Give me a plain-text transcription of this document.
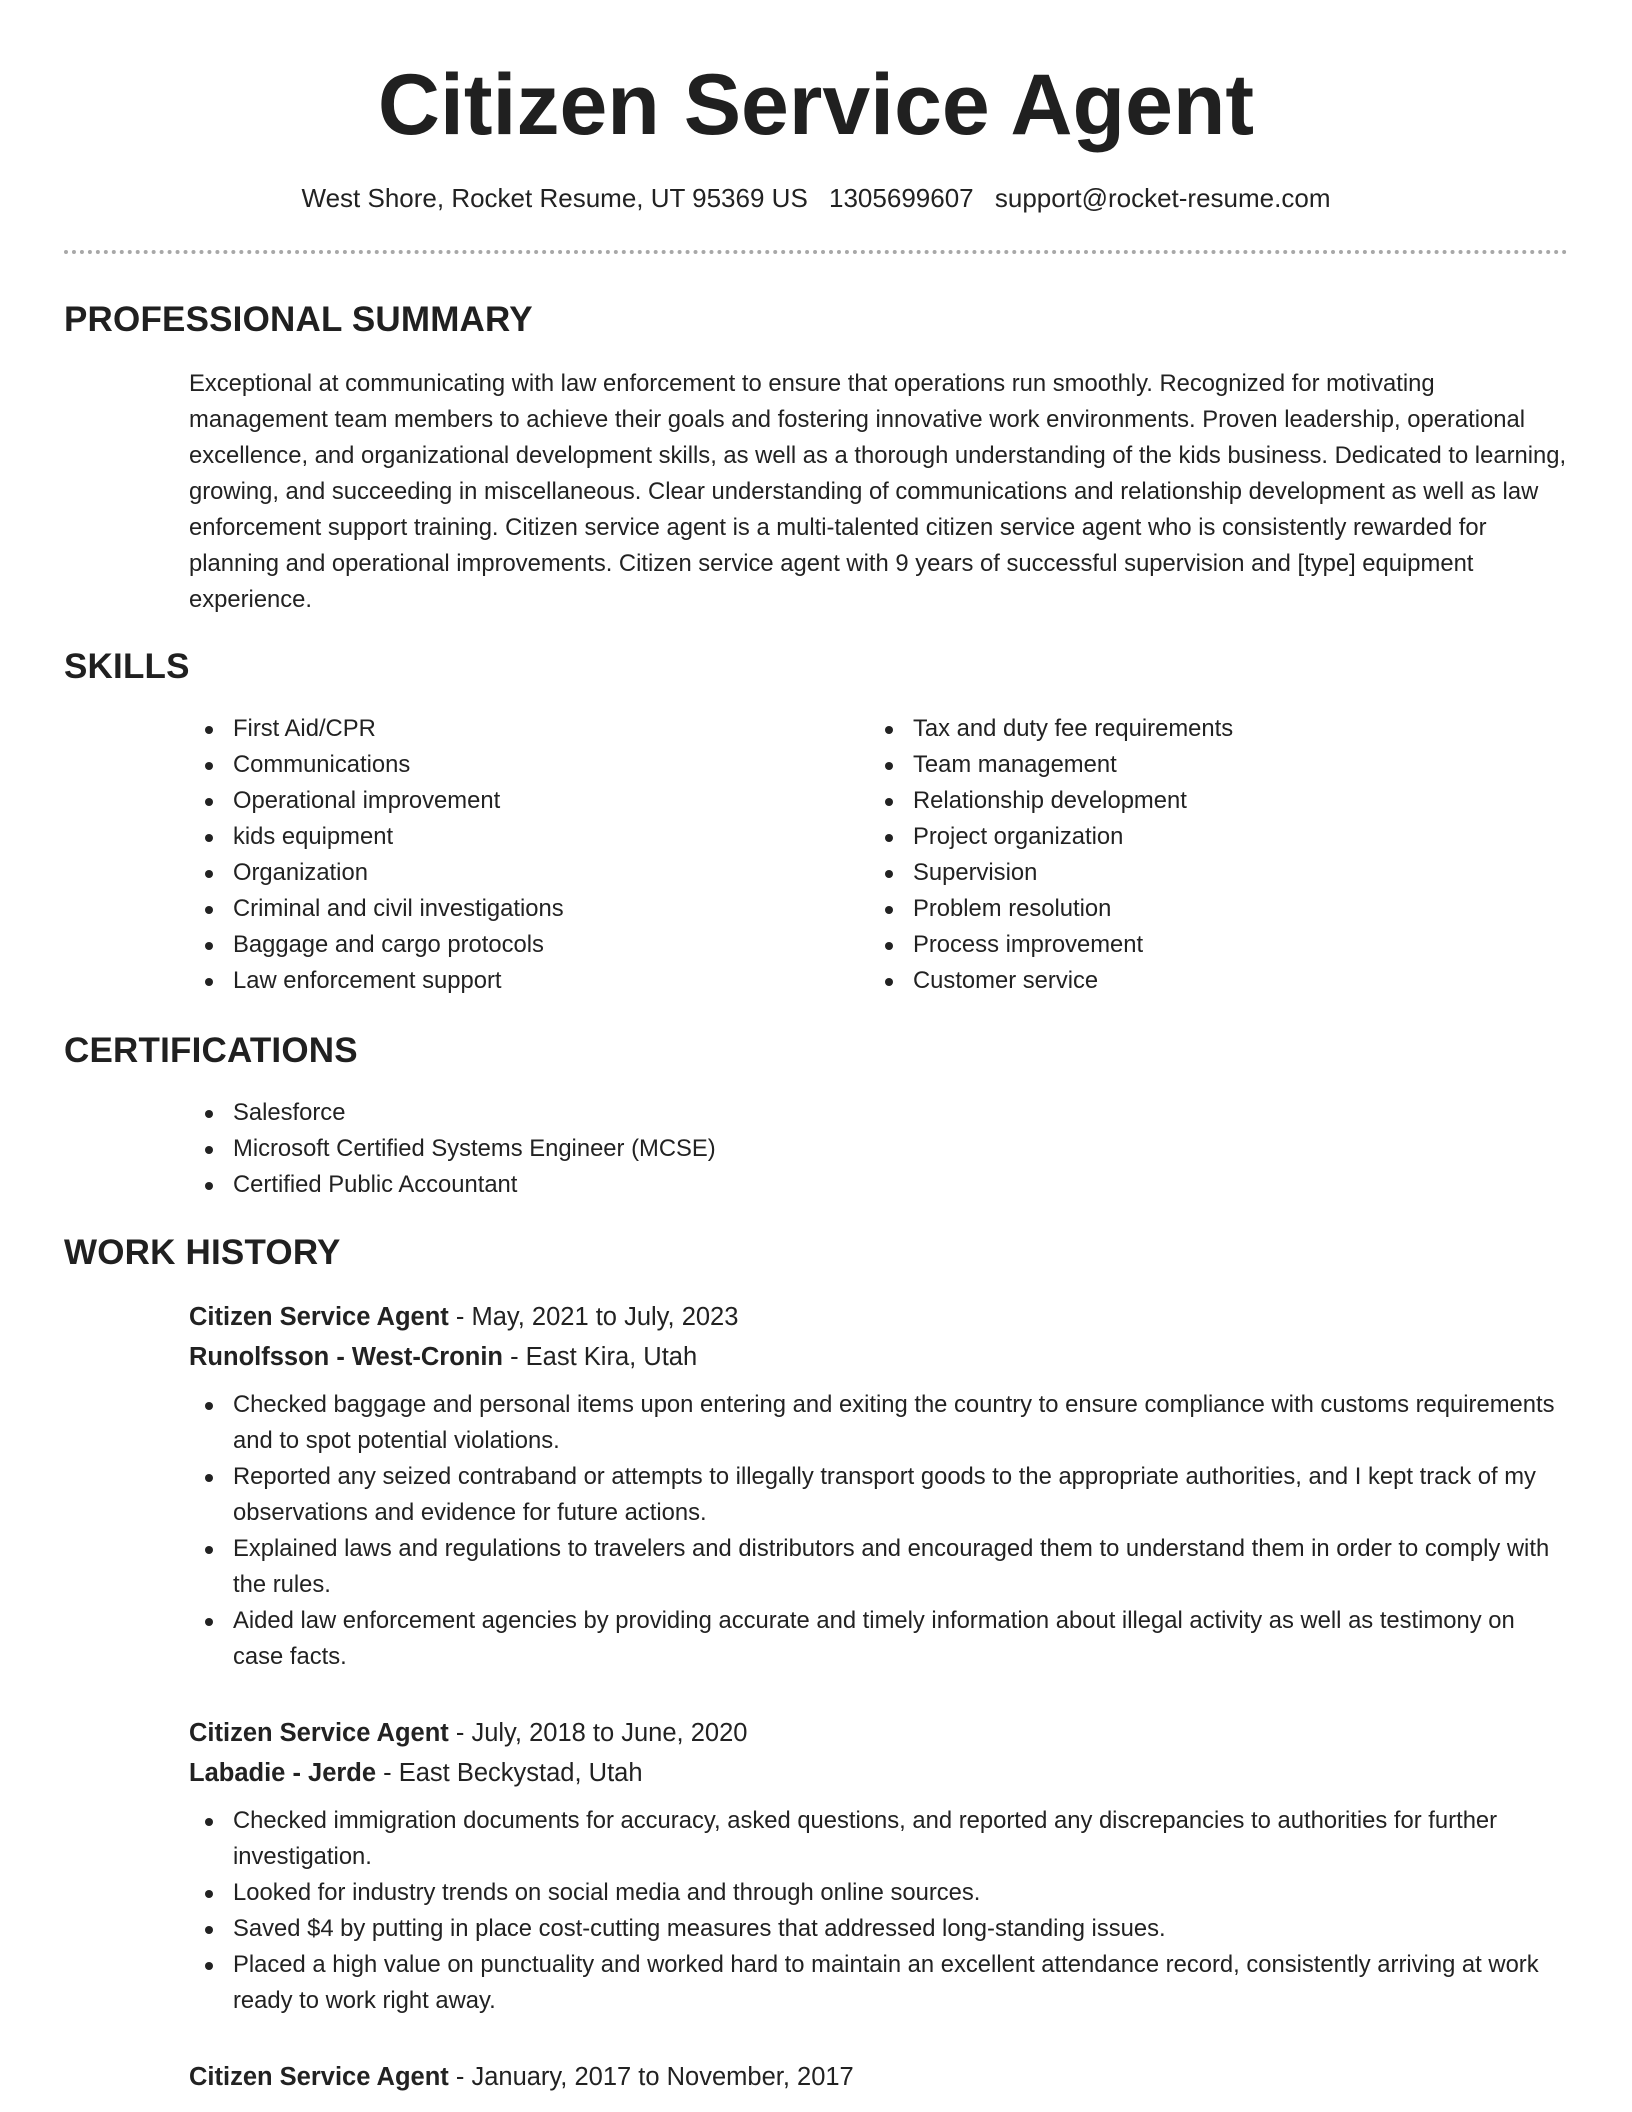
Citizen Service Agent
West Shore, Rocket Resume, UT 95369 US 1305699607 support@rocket-resume.com
PROFESSIONAL SUMMARY

Exceptional at communicating with law enforcement to ensure that operations run smoothly. Recognized for motivating management team members to achieve their goals and fostering innovative work environments. Proven leadership, operational excellence, and organizational development skills, as well as a thorough understanding of the kids business. Dedicated to learning, growing, and succeeding in miscellaneous. Clear understanding of communications and relationship development as well as law enforcement support training. Citizen service agent is a multi-talented citizen service agent who is consistently rewarded for planning and operational improvements. Citizen service agent with 9 years of successful supervision and [type] equipment experience.

SKILLS
First Aid/CPR
Communications
Operational improvement
kids equipment
Organization
Criminal and civil investigations
Baggage and cargo protocols
Law enforcement support
Tax and duty fee requirements
Team management
Relationship development
Project organization
Supervision
Problem resolution
Process improvement
Customer service
CERTIFICATIONS
Salesforce
Microsoft Certified Systems Engineer (MCSE)
Certified Public Accountant
WORK HISTORY
Citizen Service Agent - May, 2021 to July, 2023
Runolfsson - West-Cronin - East Kira, Utah
Checked baggage and personal items upon entering and exiting the country to ensure compliance with customs requirements and to spot potential violations.
Reported any seized contraband or attempts to illegally transport goods to the appropriate authorities, and I kept track of my observations and evidence for future actions.
Explained laws and regulations to travelers and distributors and encouraged them to understand them in order to comply with the rules.
Aided law enforcement agencies by providing accurate and timely information about illegal activity as well as testimony on case facts.
Citizen Service Agent - July, 2018 to June, 2020
Labadie - Jerde - East Beckystad, Utah
Checked immigration documents for accuracy, asked questions, and reported any discrepancies to authorities for further investigation.
Looked for industry trends on social media and through online sources.
Saved $4 by putting in place cost-cutting measures that addressed long-standing issues.
Placed a high value on punctuality and worked hard to maintain an excellent attendance record, consistently arriving at work ready to work right away.
Citizen Service Agent - January, 2017 to November, 2017
